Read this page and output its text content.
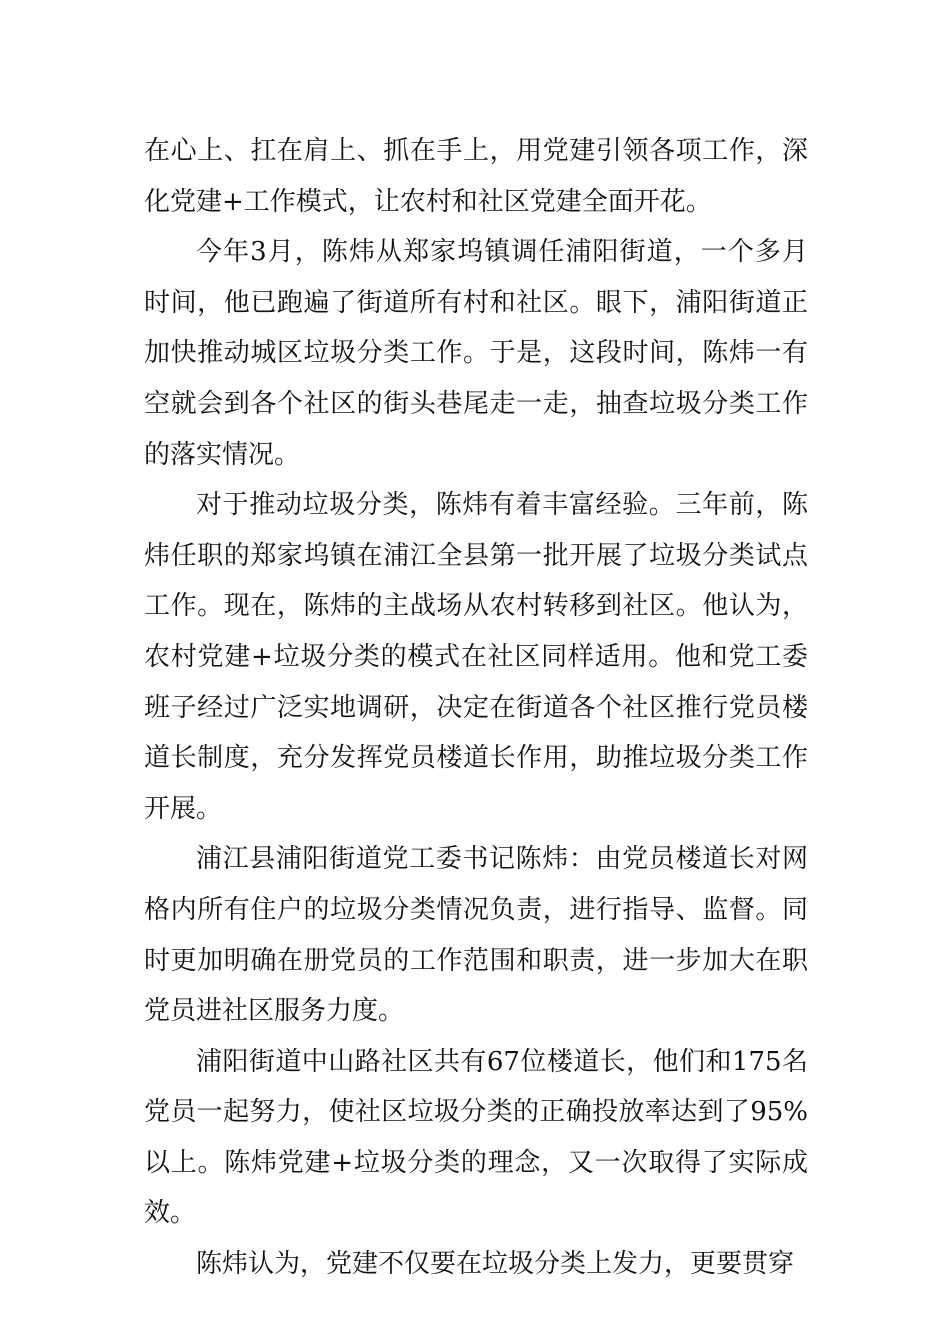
在心上、扛在肩上、抓在手上，用党建引领各项工作，深化党建+工作模式，让农村和社区党建全面开花。

今年3月，陈炜从郑家坞镇调任浦阳街道，一个多月时间，他已跑遍了街道所有村和社区。眼下，浦阳街道正加快推动城区垃圾分类工作。于是，这段时间，陈炜一有空就会到各个社区的街头巷尾走一走，抽查垃圾分类工作的落实情况。

对于推动垃圾分类，陈炜有着丰富经验。三年前，陈炜任职的郑家坞镇在浦江全县第一批开展了垃圾分类试点工作。现在，陈炜的主战场从农村转移到社区。他认为，农村党建+垃圾分类的模式在社区同样适用。他和党工委班子经过广泛实地调研，决定在街道各个社区推行党员楼道长制度，充分发挥党员楼道长作用，助推垃圾分类工作开展。

浦江县浦阳街道党工委书记陈炜：由党员楼道长对网格内所有住户的垃圾分类情况负责，进行指导、监督。同时更加明确在册党员的工作范围和职责，进一步加大在职党员进社区服务力度。

浦阳街道中山路社区共有67位楼道长，他们和175名党员一起努力，使社区垃圾分类的正确投放率达到了95%以上。陈炜党建+垃圾分类的理念，又一次取得了实际成效。

陈炜认为，党建不仅要在垃圾分类上发力，更要贯穿
